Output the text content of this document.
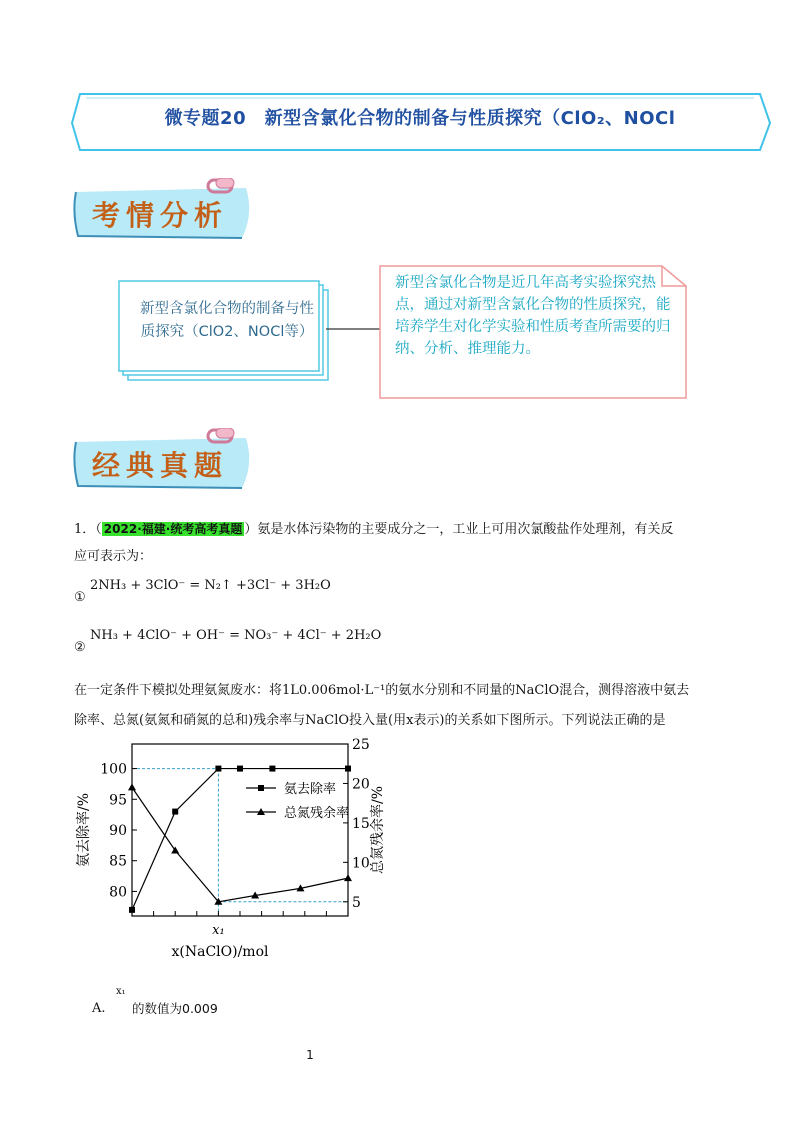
微专题20　新型含氯化合物的制备与性质探究（ClO₂、NOCl
考情分析
新型含氯化合物的制备与性质探究（ClO2、NOCl等）
新型含氯化合物是近几年高考实验探究热点，通过对新型含氯化合物的性质探究，能培养学生对化学实验和性质考查所需要的归纳、分析、推理能力。
经典真题
1．（ 2022·福建·统考高考真题 ）氨是水体污染物的主要成分之一，工业上可用次氯酸盐作处理剂，有关反
应可表示为：
①
2NH₃ + 3ClO⁻ = N₂↑ +3Cl⁻ + 3H₂O
②
NH₃ + 4ClO⁻ + OH⁻ = NO₃⁻ + 4Cl⁻ + 2H₂O
在一定条件下模拟处理氨氮废水：将1L0.006mol·L⁻¹的氨水分别和不同量的NaClO混合，测得溶液中氨去
除率、总氮(氨氮和硝氮的总和)残余率与NaClO投入量(用x表示)的关系如下图所示。下列说法正确的是
80
85
90
95
100
5
10
15
20
25
氨去除率
总氮残余率
x₁
x(NaClO)/mol
氨去除率/%	总氮残余率/%
A.
x₁
的数值为0.009
1
